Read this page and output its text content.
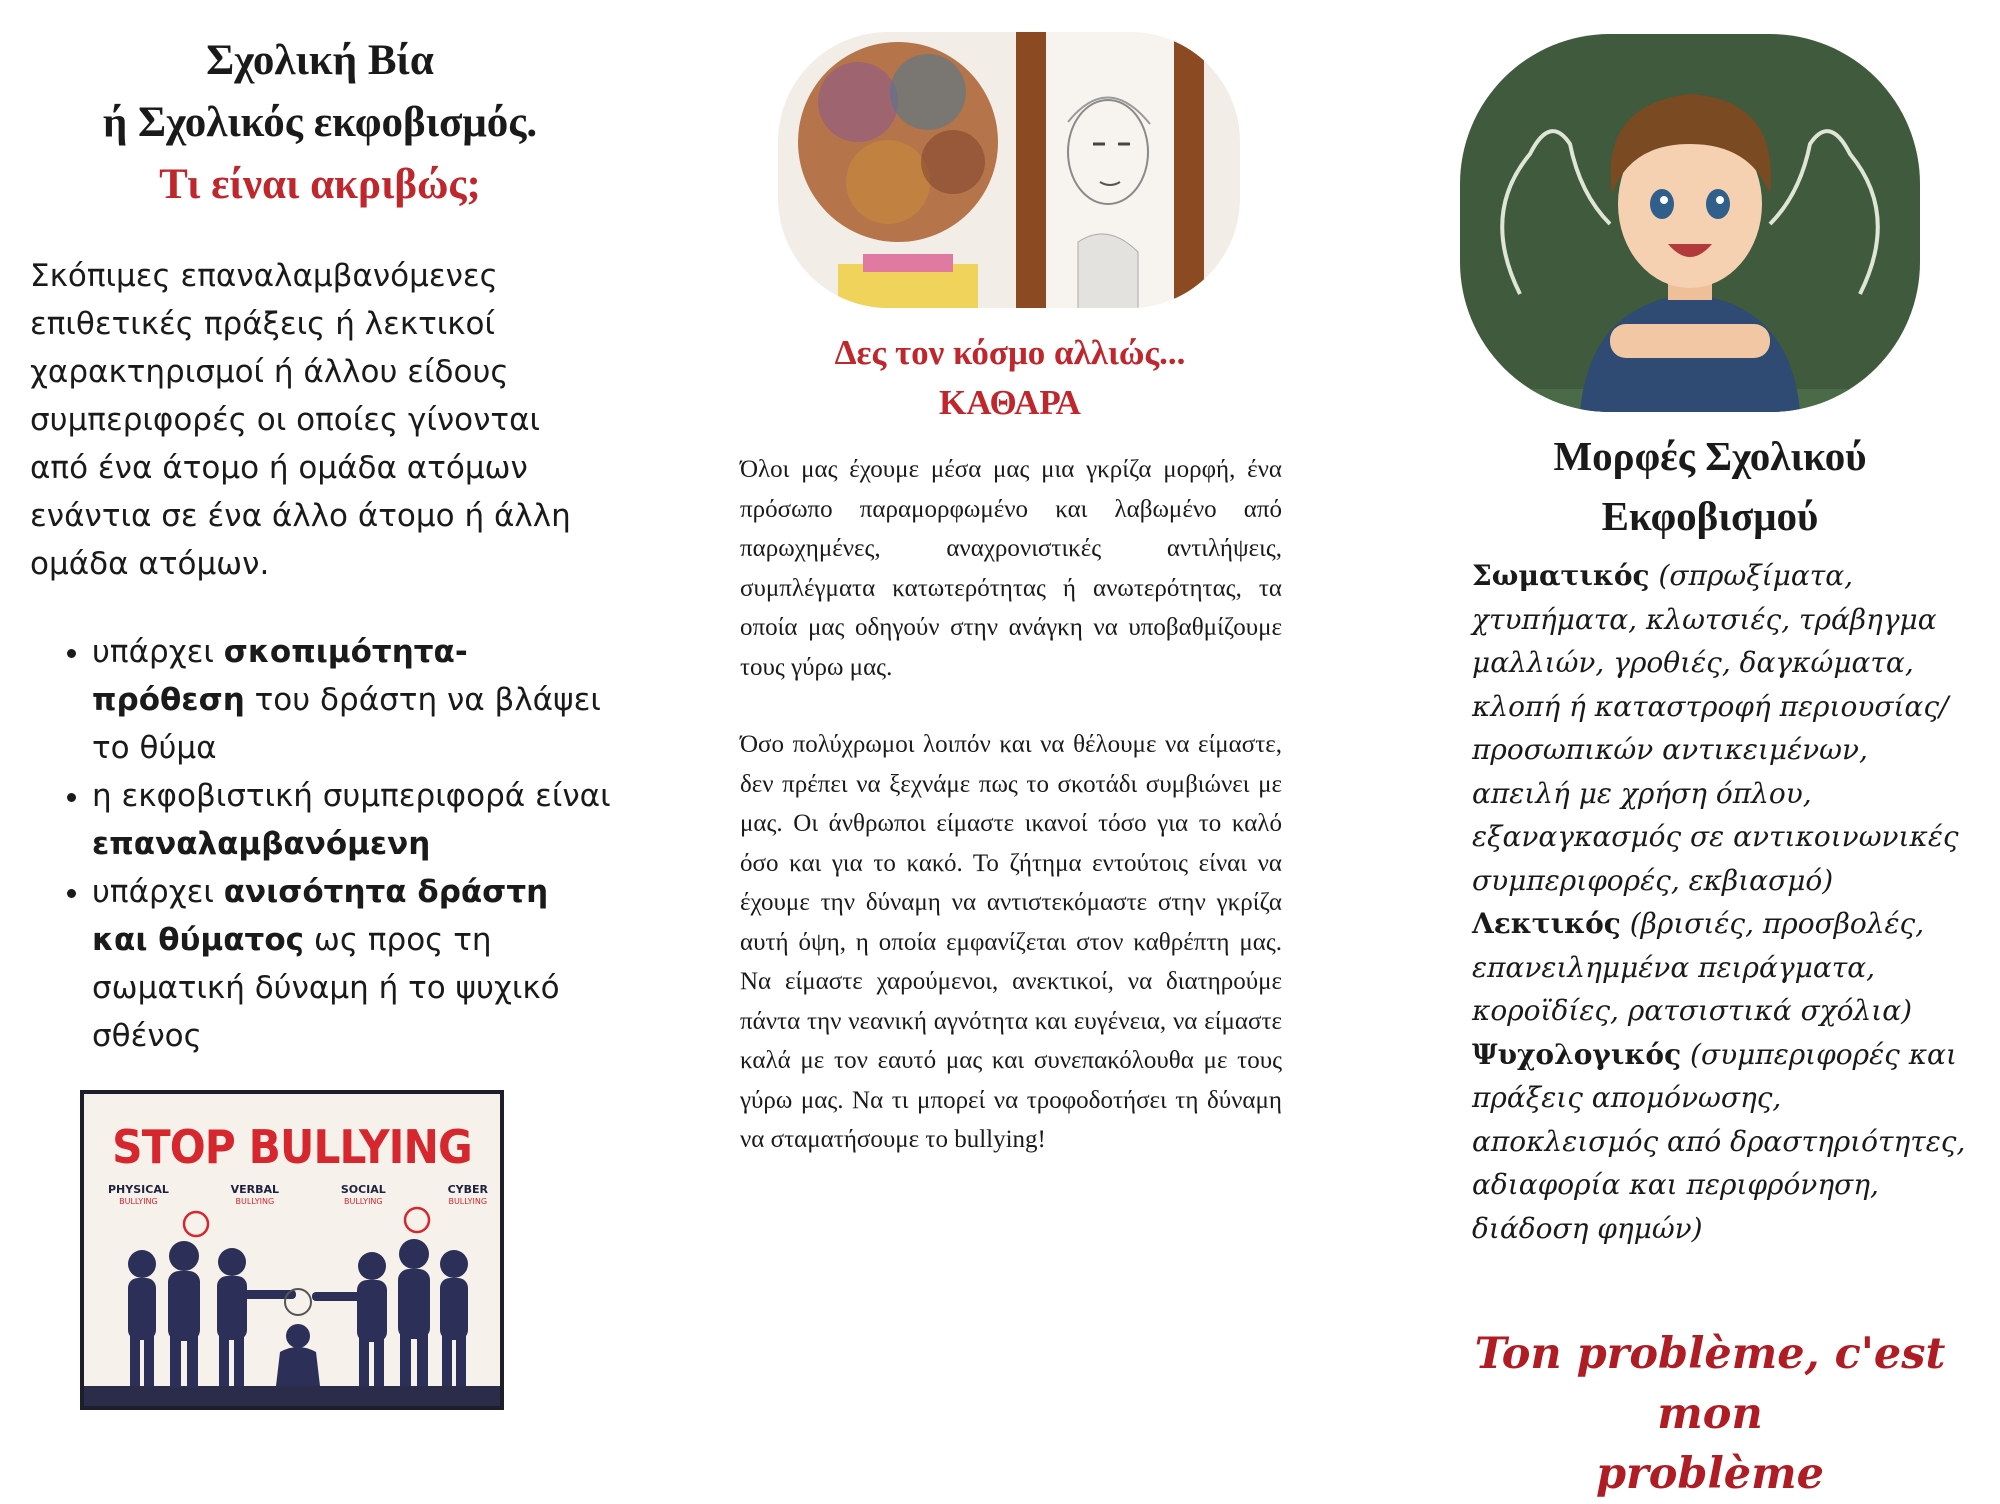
Σχολική Βία
ή Σχολικός εκφοβισμός.
Τι είναι ακριβώς;

Σκόπιμες επαναλαμβανόμενες επιθετικές πράξεις ή λεκτικοί χαρακτηρισμοί ή άλλου είδους συμπεριφορές οι οποίες γίνονται από ένα άτομο ή ομάδα ατόμων ενάντια σε ένα άλλο άτομο ή άλλη ομάδα ατόμων.

• υπάρχει σκοπιμότητα-πρόθεση του δράστη να βλάψει το θύμα
• η εκφοβιστική συμπεριφορά είναι επαναλαμβανόμενη
• υπάρχει ανισότητα δράστη και θύματος ως προς τη σωματική δύναμη ή το ψυχικό σθένος
STOP BULLYING
PHYSICAL
BULLYING
VERBAL
BULLYING
SOCIAL
BULLYING
CYBER
BULLYING
Δες τον κόσμο αλλιώς...
ΚΑΘΑΡΑ

Όλοι μας έχουμε μέσα μας μια γκρίζα μορφή, ένα πρόσωπο παραμορφωμένο και λαβωμένο από παρωχημένες, αναχρονιστικές αντιλήψεις, συμπλέγματα κατωτερότητας ή ανωτερότητας, τα οποία μας οδηγούν στην ανάγκη να υποβαθμίζουμε τους γύρω μας.

Όσο πολύχρωμοι λοιπόν και να θέλουμε να είμαστε, δεν πρέπει να ξεχνάμε πως το σκοτάδι συμβιώνει με μας. Οι άνθρωποι είμαστε ικανοί τόσο για το καλό όσο και για το κακό. Το ζήτημα εντούτοις είναι να έχουμε την δύναμη να αντιστεκόμαστε στην γκρίζα αυτή όψη, η οποία εμφανίζεται στον καθρέπτη μας. Να είμαστε χαρούμενοι, ανεκτικοί, να διατηρούμε πάντα την νεανική αγνότητα και ευγένεια, να είμαστε καλά με τον εαυτό μας και συνεπακόλουθα με τους γύρω μας. Να τι μπορεί να τροφοδοτήσει τη δύναμη να σταματήσουμε το bullying!

Μορφές Σχολικού
Εκφοβισμού
Σωματικός (σπρωξίματα, χτυπήματα, κλωτσιές, τράβηγμα μαλλιών, γροθιές, δαγκώματα, κλοπή ή καταστροφή περιουσίας/ προσωπικών αντικειμένων, απειλή με χρήση όπλου, εξαναγκασμός σε αντικοινωνικές συμπεριφορές, εκβιασμό)
Λεκτικός (βρισιές, προσβολές, επανειλημμένα πειράγματα, κοροϊδίες, ρατσιστικά σχόλια)
Ψυχολογικός (συμπεριφορές και πράξεις απομόνωσης, αποκλεισμός από δραστηριότητες, αδιαφορία και περιφρόνηση, διάδοση φημών)
Ton problème, c'est mon
problème
